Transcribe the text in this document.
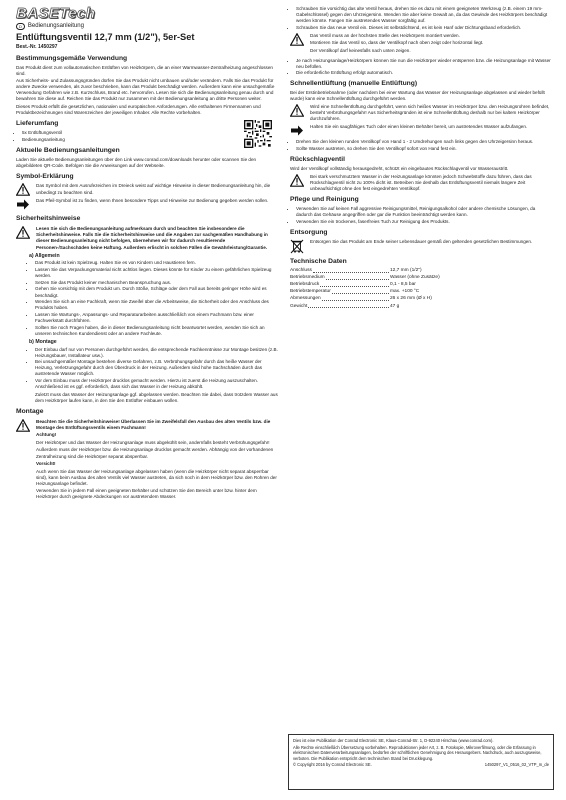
BASETech
D	Bedienungsanleitung
Entlüftungsventil 12,7 mm (1/2"), 5er-Set
Best.-Nr. 1450297
Bestimmungsgemäße Verwendung

Das Produkt dient zum vollautomatischen Entlüften von Heizkörpern, die an einer Warmwasser-Zentralheizung angeschlossen sind.

Aus Sicherheits- und Zulassungsgründen dürfen Sie das Produkt nicht umbauen und/oder verändern. Falls Sie das Produkt für andere Zwecke verwenden, als zuvor beschrieben, kann das Produkt beschädigt werden. Außerdem kann eine unsachgemäße Verwendung Gefahren wie z.B. Kurzschluss, Brand etc. hervorrufen. Lesen Sie sich die Bedienungsanleitung genau durch und bewahren Sie diese auf. Reichen Sie das Produkt nur zusammen mit der Bedienungsanleitung an dritte Personen weiter.

Dieses Produkt erfüllt die gesetzlichen, nationalen und europäischen Anforderungen. Alle enthaltenen Firmennamen und Produktbezeichnungen sind Warenzeichen der jeweiligen Inhaber. Alle Rechte vorbehalten.

Lieferumfang
• 5x Entlüftungsventil
• Bedienungsanleitung
Aktuelle Bedienungsanleitungen

Laden Sie aktuelle Bedienungsanleitungen über den Link www.conrad.com/downloads herunter oder scannen Sie den abgebildeten QR-Code. Befolgen Sie die Anweisungen auf der Webseite.

Symbol-Erklärung
Das Symbol mit dem Ausrufezeichen im Dreieck weist auf wichtige Hinweise in dieser Bedienungsanleitung hin, die unbedingt zu beachten sind.
Das Pfeil-Symbol ist zu finden, wenn Ihnen besondere Tipps und Hinweise zur Bedienung gegeben werden sollen.
Sicherheitshinweise
Lesen Sie sich die Bedienungsanleitung aufmerksam durch und beachten Sie insbesondere die Sicherheitshinweise. Falls Sie die Sicherheitshinweise und die Angaben zur sachgemäßen Handhabung in dieser Bedienungsanleitung nicht befolgen, übernehmen wir für dadurch resultierende Personen-/Sachschäden keine Haftung. Außerdem erlischt in solchen Fällen die Gewährleistung/Garantie.
a) Allgemein
• Das Produkt ist kein Spielzeug. Halten Sie es von Kindern und Haustieren fern.
• Lassen Sie das Verpackungsmaterial nicht achtlos liegen. Dieses könnte für Kinder zu einem gefährlichen Spielzeug werden.
• Setzen Sie das Produkt keiner mechanischen Beanspruchung aus.
• Gehen Sie vorsichtig mit dem Produkt um. Durch Stöße, Schläge oder dem Fall aus bereits geringer Höhe wird es beschädigt.
• Wenden Sie sich an eine Fachkraft, wenn Sie Zweifel über die Arbeitsweise, die Sicherheit oder den Anschluss des Produkts haben.
• Lassen Sie Wartungs-, Anpassungs- und Reparaturarbeiten ausschließlich von einem Fachmann bzw. einer Fachwerkstatt durchführen.
• Sollten Sie noch Fragen haben, die in dieser Bedienungsanleitung nicht beantwortet werden, wenden Sie sich an unseren technischen Kundendienst oder an andere Fachleute.
b) Montage
• Der Einbau darf nur von Personen durchgeführt werden, die entsprechende Fachkenntnisse zur Montage besitzen (z.B. Heizungsbauer, Installateur usw.).
• Bei unsachgemäßer Montage bestehen diverse Gefahren, z.B. Verbrühungsgefahr durch das heiße Wasser der Heizung, Verletzungsgefahr durch den Überdruck in der Heizung. Außerdem sind hohe Sachschäden durch das austretende Wasser möglich.
• Vor dem Einbau muss der Heizkörper drucklos gemacht werden. Hierzu ist zuerst die Heizung auszuschalten. Anschließend ist es ggf. erforderlich, dass sich das Wasser in der Heizung abkühlt.

Zuletzt muss das Wasser der Heizungsanlage ggf. abgelassen werden. Beachten Sie dabei, dass trotzdem Wasser aus dem Heizkörper laufen kann, in den Sie den Entlüfter einbauen wollen.

Montage

Beachten Sie die Sicherheitshinweise! Überlassen Sie im Zweifelsfall den Ausbau des alten Ventils bzw. die Montage des Entlüftungsventils einem Fachmann!

Achtung!

Der Heizkörper und das Wasser der Heizungsanlage muss abgekühlt sein, andernfalls besteht Verbrühungsgefahr!

Außerdem muss der Heizkörper bzw. die Heizungsanlage drucklos gemacht werden. Abhängig von der vorhandenen Zentralheizung sind die Heizkörper separat absperrbar.

Vorsicht!

Auch wenn Sie das Wasser der Heizungsanlage abgelassen haben (wenn die Heizkörper nicht separat absperrbar sind), kann beim Ausbau des alten Ventils viel Wasser austreten, da sich noch in dem Heizkörper bzw. den Rohren der Heizungsanlage befindet.

Verwenden Sie in jedem Fall einen geeigneten Behälter und schützen Sie den Bereich unter bzw. hinter dem Heizkörper durch geeignete Abdeckungen vor austretendem Wasser.

• Schrauben Sie vorsichtig das alte Ventil heraus, drehen Sie es dazu mit einem geeigneten Werkzeug (z.B. einem 19 mm-Gabelschlüssel) gegen den Uhrzeigersinn. Wenden Sie aber keine Gewalt an, da das Gewinde des Heizkörpers beschädigt werden könnte. Fangen Sie austretendes Wasser sorgfältig auf.
• Schrauben Sie das neue Ventil ein. Dieses ist selbstdichtend, es ist kein Hanf oder Dichtungsband erforderlich.

Das Ventil muss an der höchsten Stelle des Heizkörpers montiert werden.

Montieren Sie das Ventil so, dass der Ventilkopf nach oben zeigt oder horizontal liegt.

Der Ventilkopf darf keinesfalls nach unten zeigen.

• Je nach Heizungsanlage/Heizkörpern können Sie nun die Heizkörper wieder entsperren bzw. die Heizungsanlage mit Wasser neu befüllen.
• Die erforderliche Entlüftung erfolgt automatisch.
Schnellentlüftung (manuelle Entlüftung)

Bei der Erstinbetriebnahme (oder nachdem bei einer Wartung das Wasser der Heizungsanlage abgelassen und wieder befüllt wurde) kann eine Schnellentlüftung durchgeführt werden.

Wird eine Schnellentlüftung durchgeführt, wenn sich heißes Wasser im Heizkörper bzw. den Heizungsrohren befindet, besteht Verbrühungsgefahr! Aus Sicherheitsgründen ist eine Schnellentlüftung deshalb nur bei kaltem Heizkörper durchzuführen.
Halten Sie ein saugfähiges Tuch oder einen kleinen Behälter bereit, um austretendes Wasser aufzufangen.
• Drehen Sie den kleinen runden Ventilkopf von Hand 1 - 2 Umdrehungen nach links gegen den Uhrzeigersinn heraus.
• Sollte Wasser austreten, so drehen Sie den Ventilkopf sofort von Hand fest ein.
Rückschlagventil

Wird der Ventilkopf vollständig herausgedreht, schützt ein eingebautes Rückschlagventil vor Wasseraustritt.

Bei stark verschmutztem Wasser in der Heizungsanlage könnten jedoch Schwebstoffe dazu führen, dass das Rückschlagventil nicht zu 100% dicht ist. Betreiben Sie deshalb das Entlüftungsventil niemals längere Zeit unbeaufsichtigt ohne den fest eingedrehten Ventilkopf.
Pflege und Reinigung
• Verwenden Sie auf keinen Fall aggressive Reinigungsmittel, Reinigungsalkohol oder andere chemische Lösungen, da dadurch das Gehäuse angegriffen oder gar die Funktion beeinträchtigt werden kann.
• Verwenden Sie ein trockenes, faserfreies Tuch zur Reinigung des Produkts.
Entsorgung
Entsorgen Sie das Produkt am Ende seiner Lebensdauer gemäß den geltenden gesetzlichen Bestimmungen.
Technische Daten
Anschluss	12,7 mm (1/2")

Betriebsmedium	Wasser (ohne Zusätze)

Betriebsdruck	0,1 - 8,5 bar

Betriebstemperatur	max. +100 °C

Abmessungen	26 x 26 mm (Ø x H)

Gewicht	47 g

Dies ist eine Publikation der Conrad Electronic SE, Klaus-Conrad-Str. 1, D-92240 Hirschau (www.conrad.com).

Alle Rechte einschließlich Übersetzung vorbehalten. Reproduktionen jeder Art, z. B. Fotokopie, Mikroverfilmung, oder die Erfassung in elektronischen Datenverarbeitungsanlagen, bedürfen der schriftlichen Genehmigung des Herausgebers. Nachdruck, auch auszugsweise, verboten. Die Publikation entspricht dem technischen Stand bei Drucklegung.

© Copyright 2016 by Conrad Electronic SE.	1450297_V1_0516_02_VTP_m_de
